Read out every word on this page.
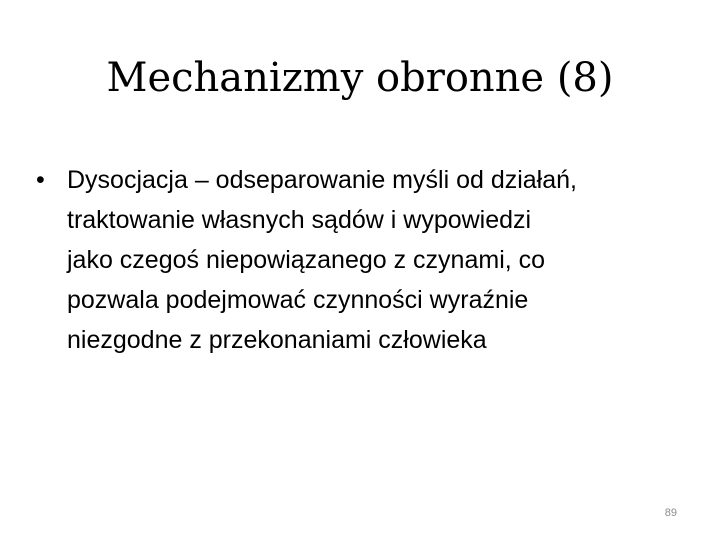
Mechanizmy obronne (8)
• Dysocjacja – odseparowanie myśli od działań,
traktowanie własnych sądów i wypowiedzi
jako czegoś niepowiązanego z czynami, co
pozwala podejmować czynności wyraźnie
niezgodne z przekonaniami człowieka
89
